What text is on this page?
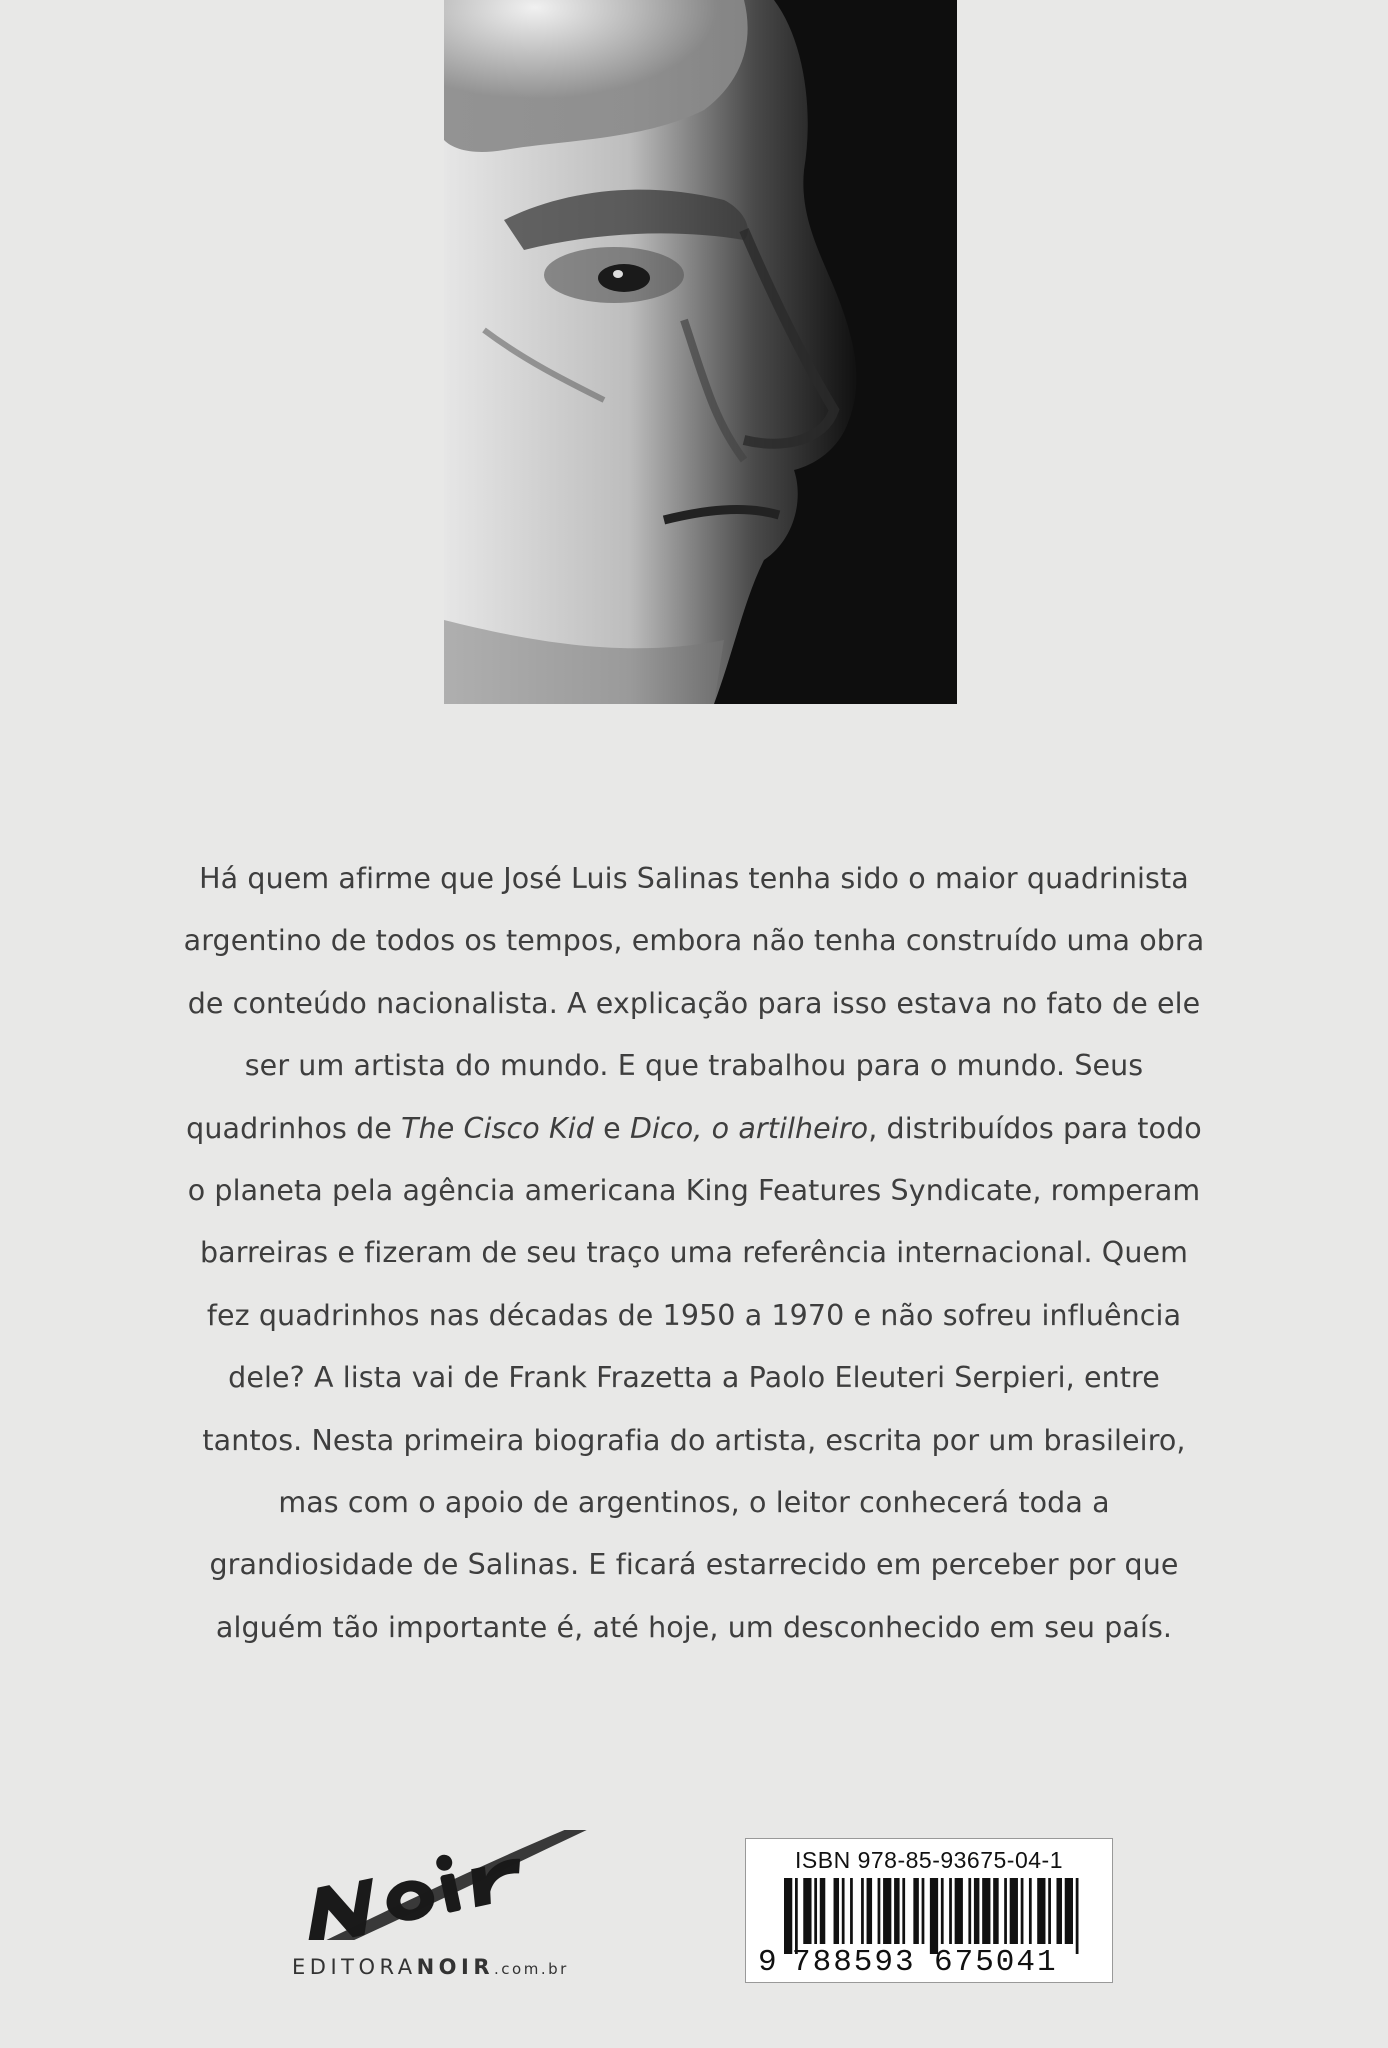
Há quem afirme que José Luis Salinas tenha sido o maior quadrinista argentino de todos os tempos, embora não tenha construído uma obra de conteúdo nacionalista. A explicação para isso estava no fato de ele ser um artista do mundo. E que trabalhou para o mundo. Seus quadrinhos de The Cisco Kid e Dico, o artilheiro, distribuídos para todo o planeta pela agência americana King Features Syndicate, romperam barreiras e fizeram de seu traço uma referência internacional. Quem fez quadrinhos nas décadas de 1950 a 1970 e não sofreu influência dele? A lista vai de Frank Frazetta a Paolo Eleuteri Serpieri, entre tantos. Nesta primeira biografia do artista, escrita por um brasileiro, mas com o apoio de argentinos, o leitor conhecerá toda a grandiosidade de Salinas. E ficará estarrecido em perceber por que alguém tão importante é, até hoje, um desconhecido em seu país.
EDITORANOIR.com.br
ISBN 978-85-93675-04-1
9 788593 675041
